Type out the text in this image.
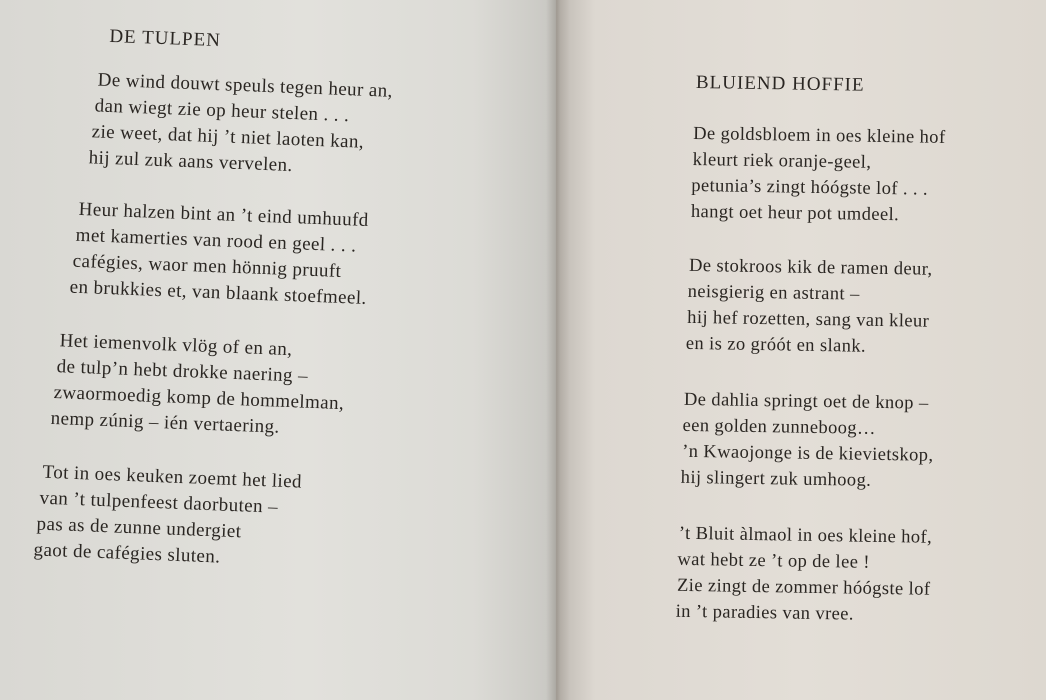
DE TULPEN
De wind douwt speuls tegen heur an,
dan wiegt zie op heur stelen . . .
zie weet, dat hij ’t niet laoten kan,
hij zul zuk aans vervelen.
Heur halzen bint an ’t eind umhuufd
met kamerties van rood en geel . . .
cafégies, waor men hönnig pruuft
en brukkies et, van blaank stoefmeel.
Het iemenvolk vlög of en an,
de tulp’n hebt drokke naering –
zwaormoedig komp de hommelman,
nemp zúnig – ién vertaering.
Tot in oes keuken zoemt het lied
van ’t tulpenfeest daorbuten –
pas as de zunne undergiet
gaot de cafégies sluten.
BLUIEND HOFFIE
De goldsbloem in oes kleine hof
kleurt riek oranje-geel,
petunia’s zingt hóógste lof . . .
hangt oet heur pot umdeel.
De stokroos kik de ramen deur,
neisgierig en astrant –
hij hef rozetten, sang van kleur
en is zo gróót en slank.
De dahlia springt oet de knop –
een golden zunneboog…
’n Kwaojonge is de kievietskop,
hij slingert zuk umhoog.
’t Bluit àlmaol in oes kleine hof,
wat hebt ze ’t op de lee !
Zie zingt de zommer hóógste lof
in ’t paradies van vree.
